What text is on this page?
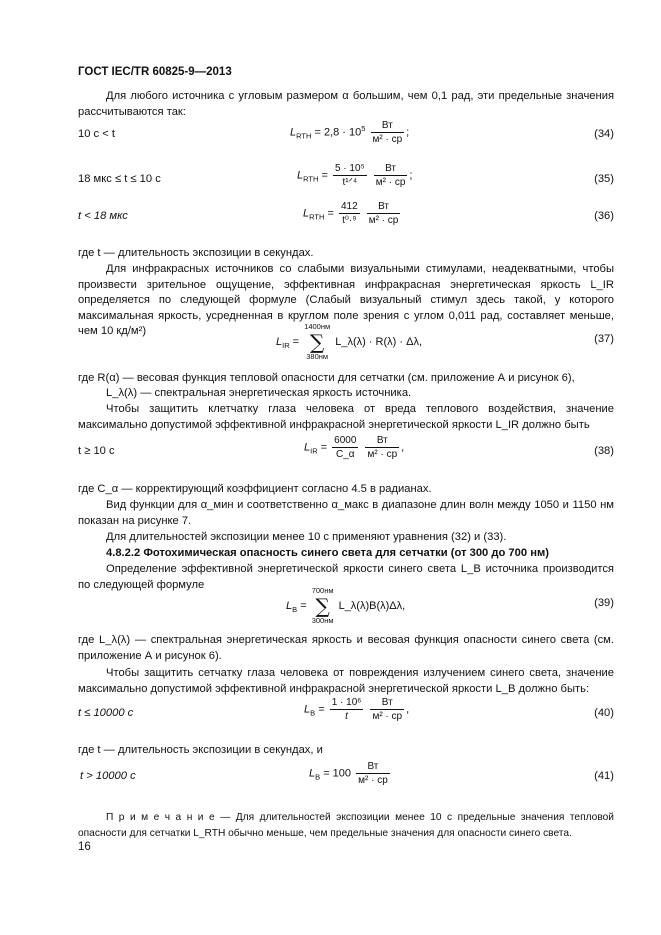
ГОСТ IEC/TR 60825-9—2013
Для любого источника с угловым размером α большим, чем 0,1 рад, эти предельные значения рассчитываются так:
10 с < t	$L_{RTH} = 2,8 \cdot 10^5 \frac{Вт}{\text{м² · ср}}$ ;	(34)
18 мкс ≤ t ≤ 10 с	$L_{RTH} = \frac{\text{5 · 10⁵}}{\text{t¹ᐟ⁴}}$
$\frac{Вт}{\text{м² · ср}}$ ;	(35)
t < 18 мкс	$L_{RTH} = \frac{412}{\text{t⁰·⁹}}$
$\frac{Вт}{\text{м² · ср}}$	(36)
где t — длительность экспозиции в секундах.
Для инфракрасных источников со слабыми визуальными стимулами, неадекватными, чтобы произвести зрительное ощущение, эффективная инфракрасная энергетическая яркость L_IR определяется по следующей формуле (Слабый визуальный стимул здесь такой, у которого максимальная яркость, усредненная в круглом поле зрения с углом 0,011 рад, составляет меньше, чем 10 кд/м²)
$L_{IR}$ =
1400нм
∑
380нм
L_λ(λ) · R(λ) · Δλ,	(37)
где R(α) — весовая функция тепловой опасности для сетчатки (см. приложение А и рисунок 6),
L_λ(λ) — спектральная энергетическая яркость источника.
Чтобы защитить клетчатку глаза человека от вреда теплового воздействия, значение максимально допустимой эффективной инфракрасной энергетической яркости L_IR должно быть
t ≥ 10 с	$L_{IR} = \frac{6000}{C\_\alpha}$
$\frac{Вт}{\text{м² · ср}}$ ,	(38)
где C_α — корректирующий коэффициент согласно 4.5 в радианах.
Вид функции для α_мин и соответственно α_макс в диапазоне длин волн между 1050 и 1150 нм показан на рисунке 7.
Для длительностей экспозиции менее 10 с применяют уравнения (32) и (33).
4.8.2.2 Фотохимическая опасность синего света для сетчатки (от 300 до 700 нм)
Определение эффективной энергетической яркости синего света L_B источника производится по следующей формуле
$L_B$ =
700нм
∑
300нм
L_λ(λ)B(λ)Δλ,	(39)
где L_λ(λ) — спектральная энергетическая яркость и весовая функция опасности синего света (см. приложение А и рисунок 6).
Чтобы защитить сетчатку глаза человека от повреждения излучением синего света, значение максимально допустимой эффективной инфракрасной энергетической яркости L_B должно быть:
t ≤ 10000 с	$L_B = \frac{\text{1 · 10⁶}}{t}$
$\frac{Вт}{\text{м² · ср}}$ ,	(40)
где t — длительность экспозиции в секундах, и
t > 10000 с	$L_B = 100 \frac{Вт}{\text{м² · ср}}$	(41)
П р и м е ч а н и е — Для длительностей экспозиции менее 10 с предельные значения тепловой опасности для сетчатки L_RTH обычно меньше, чем предельные значения для опасности синего света.
16
